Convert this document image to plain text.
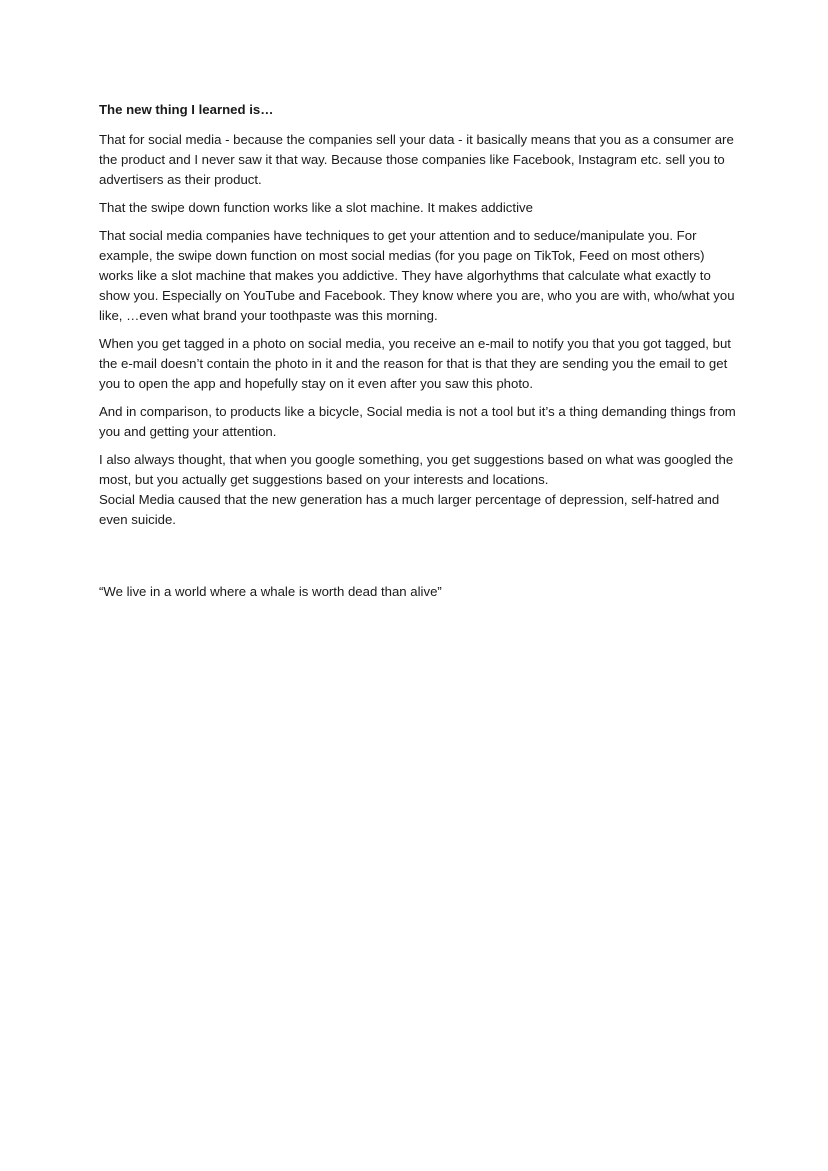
The new thing I learned is…

That for social media - because the companies sell your data - it basically means that you as a consumer are the product and I never saw it that way. Because those companies like Facebook, Instagram etc. sell you to advertisers as their product.

That the swipe down function works like a slot machine. It makes addictive

That social media companies have techniques to get your attention and to seduce/manipulate you. For example, the swipe down function on most social medias (for you page on TikTok, Feed on most others) works like a slot machine that makes you addictive. They have algorhythms that calculate what exactly to show you. Especially on YouTube and Facebook. They know where you are, who you are with, who/what you like, …even what brand your toothpaste was this morning.

When you get tagged in a photo on social media, you receive an e-mail to notify you that you got tagged, but the e-mail doesn’t contain the photo in it and the reason for that is that they are sending you the email to get you to open the app and hopefully stay on it even after you saw this photo.

And in comparison, to products like a bicycle, Social media is not a tool but it’s a thing demanding things from you and getting your attention.

I also always thought, that when you google something, you get suggestions based on what was googled the most, but you actually get suggestions based on your interests and locations.

Social Media caused that the new generation has a much larger percentage of depression, self-hatred and even suicide.

“We live in a world where a whale is worth dead than alive”
